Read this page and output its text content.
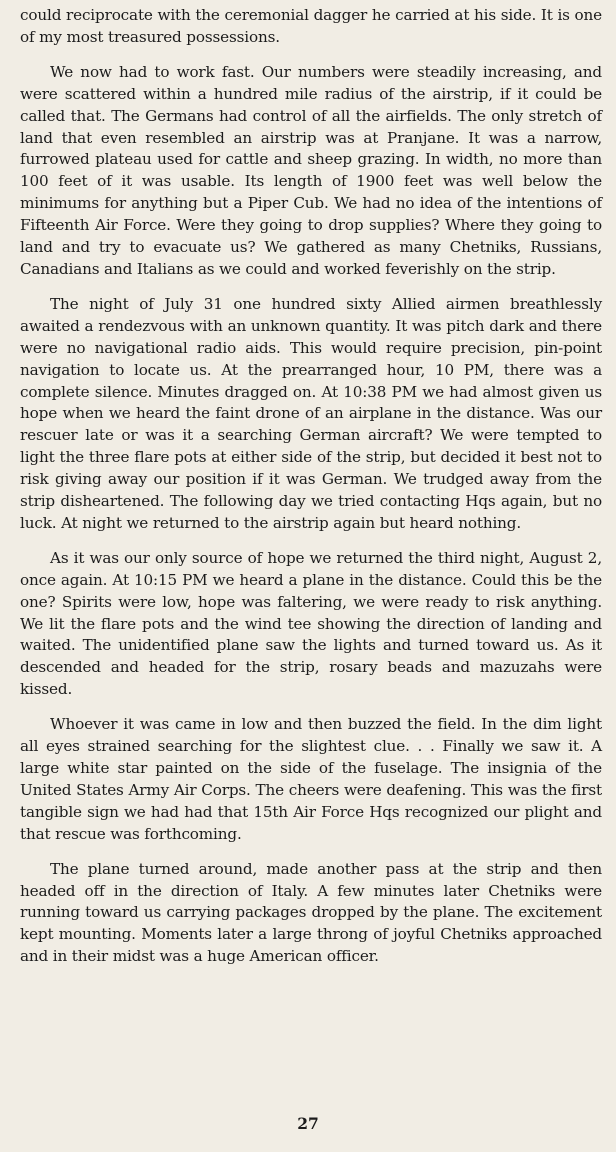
could reciprocate with the ceremonial dagger he carried at his side. It is one of my most treasured possessions.

We now had to work fast. Our numbers were steadily increasing, and were scattered within a hundred mile radius of the airstrip, if it could be called that. The Germans had control of all the airfields. The only stretch of land that even resembled an airstrip was at Pranjane. It was a narrow, furrowed plateau used for cattle and sheep grazing. In width, no more than 100 feet of it was usable. Its length of 1900 feet was well below the minimums for anything but a Piper Cub. We had no idea of the intentions of Fifteenth Air Force. Were they going to drop supplies? Where they going to land and try to evacuate us? We gathered as many Chetniks, Russians, Canadians and Italians as we could and worked feverishly on the strip.

The night of July 31 one hundred sixty Allied airmen breathlessly awaited a rendezvous with an unknown quantity. It was pitch dark and there were no navigational radio aids. This would require precision, pin-point navigation to locate us. At the prearranged hour, 10 PM, there was a complete silence. Minutes dragged on. At 10:38 PM we had almost given us hope when we heard the faint drone of an airplane in the distance. Was our rescuer late or was it a searching German aircraft? We were tempted to light the three flare pots at either side of the strip, but decided it best not to risk giving away our position if it was German. We trudged away from the strip disheartened. The following day we tried contacting Hqs again, but no luck. At night we returned to the airstrip again but heard nothing.

As it was our only source of hope we returned the third night, August 2, once again. At 10:15 PM we heard a plane in the distance. Could this be the one? Spirits were low, hope was faltering, we were ready to risk anything. We lit the flare pots and the wind tee showing the direction of landing and waited. The unidentified plane saw the lights and turned toward us. As it descended and headed for the strip, rosary beads and mazuzahs were kissed.

Whoever it was came in low and then buzzed the field. In the dim light all eyes strained searching for the slightest clue. . . Finally we saw it. A large white star painted on the side of the fuselage. The insignia of the United States Army Air Corps. The cheers were deafening. This was the first tangible sign we had had that 15th Air Force Hqs recognized our plight and that rescue was forthcoming.

The plane turned around, made another pass at the strip and then headed off in the direction of Italy. A few minutes later Chetniks were running toward us carrying packages dropped by the plane. The excitement kept mounting. Moments later a large throng of joyful Chetniks approached and in their midst was a huge American officer.

27
